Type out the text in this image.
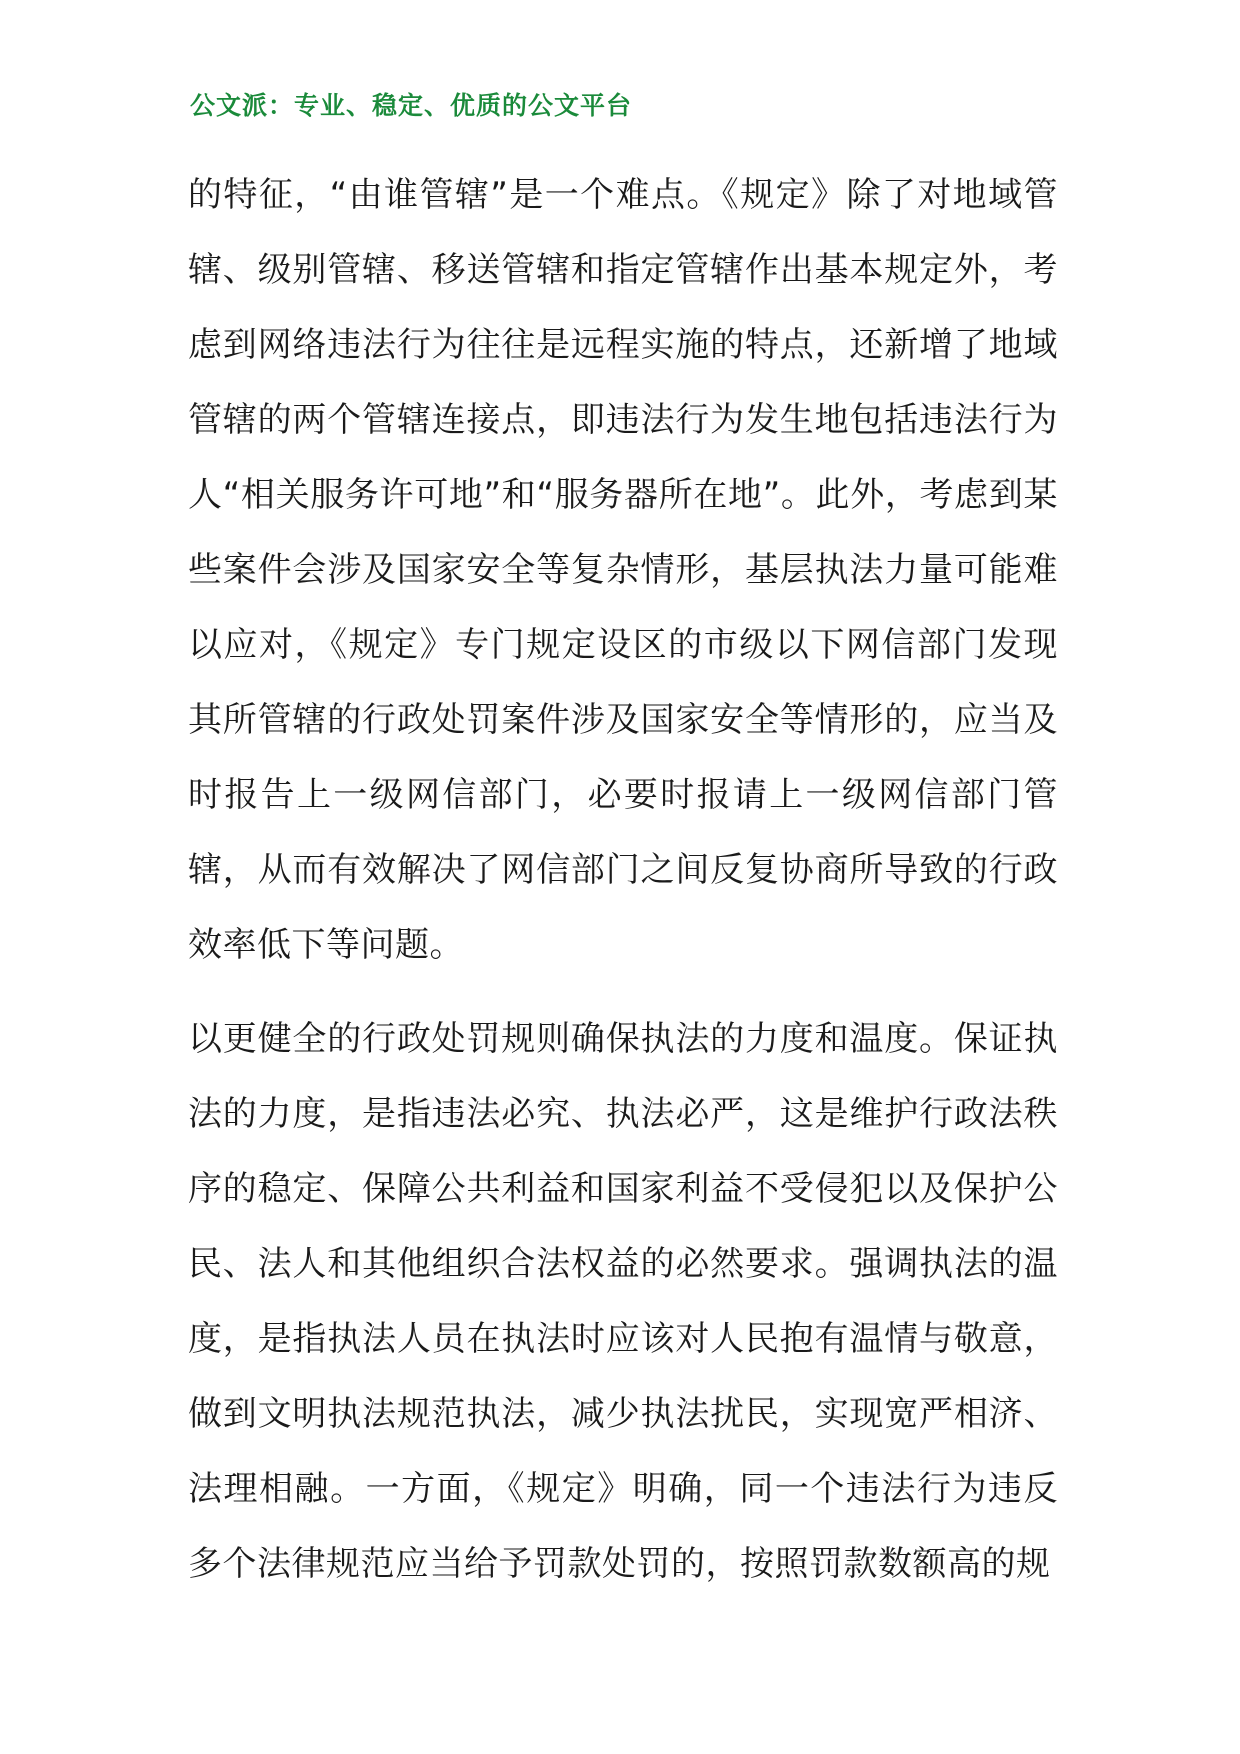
公文派：专业、稳定、优质的公文平台

的特征，“由谁管辖”是一个难点。《规定》除了对地域管辖、级别管辖、移送管辖和指定管辖作出基本规定外，考虑到网络违法行为往往是远程实施的特点，还新增了地域管辖的两个管辖连接点，即违法行为发生地包括违法行为人“相关服务许可地”和“服务器所在地”。此外，考虑到某些案件会涉及国家安全等复杂情形，基层执法力量可能难以应对，《规定》专门规定设区的市级以下网信部门发现其所管辖的行政处罚案件涉及国家安全等情形的，应当及时报告上一级网信部门，必要时报请上一级网信部门管辖，从而有效解决了网信部门之间反复协商所导致的行政效率低下等问题。

以更健全的行政处罚规则确保执法的力度和温度。保证执法的力度，是指违法必究、执法必严，这是维护行政法秩序的稳定、保障公共利益和国家利益不受侵犯以及保护公民、法人和其他组织合法权益的必然要求。强调执法的温度，是指执法人员在执法时应该对人民抱有温情与敬意，做到文明执法规范执法，减少执法扰民，实现宽严相济、法理相融。一方面，《规定》明确，同一个违法行为违反多个法律规范应当给予罚款处罚的，按照罚款数额高的规
